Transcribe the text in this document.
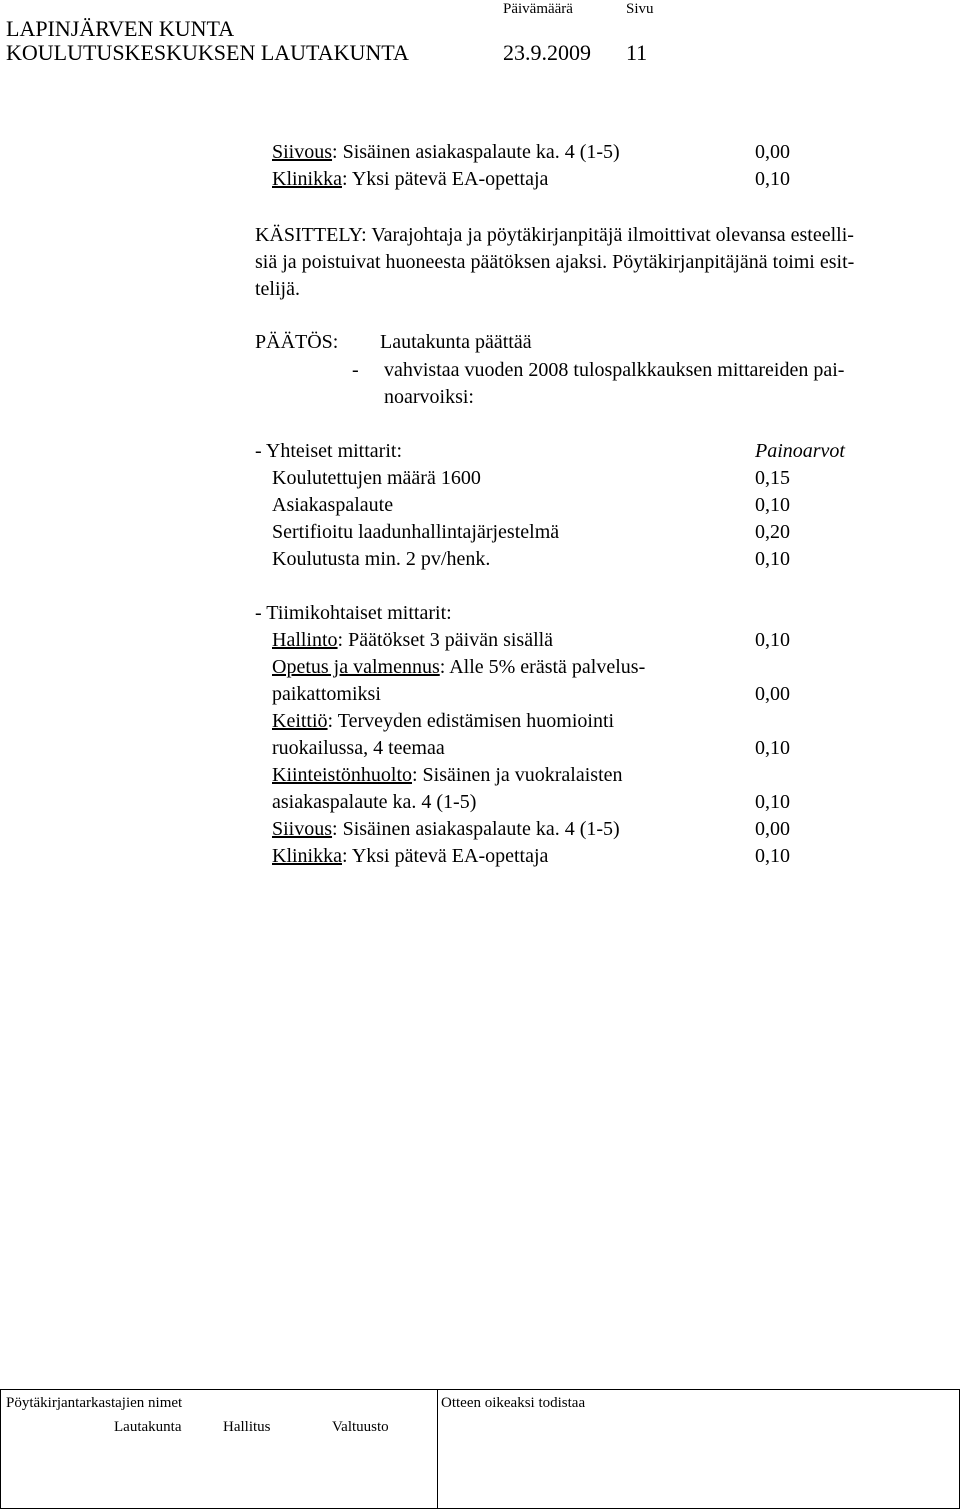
LAPINJÄRVEN KUNTA
KOULUTUSKESKUKSEN LAUTAKUNTA
Päivämäärä	Sivu
23.9.2009 11
Siivous: Sisäinen asiakaspalaute ka. 4 (1-5)	0,00
Klinikka: Yksi pätevä EA-opettaja	0,10
KÄSITTELY: Varajohtaja ja pöytäkirjanpitäjä ilmoittivat olevansa esteelli-
siä ja poistuivat huoneesta päätöksen ajaksi. Pöytäkirjanpitäjänä toimi esit-
telijä.
PÄÄTÖS: Lautakunta päättää
- vahvistaa vuoden 2008 tulospalkkauksen mittareiden pai-
noarvoiksi:
- Yhteiset mittarit:	Painoarvot
Koulutettujen määrä 1600	0,15
Asiakaspalaute	0,10
Sertifioitu laadunhallintajärjestelmä	0,20
Koulutusta min. 2 pv/henk.	0,10
- Tiimikohtaiset mittarit:
Hallinto: Päätökset 3 päivän sisällä	0,10
Opetus ja valmennus: Alle 5% erästä palvelus-
paikattomiksi	0,00
Keittiö: Terveyden edistämisen huomiointi
ruokailussa, 4 teemaa	0,10
Kiinteistönhuolto: Sisäinen ja vuokralaisten
asiakaspalaute ka. 4 (1-5)	0,10
Siivous: Sisäinen asiakaspalaute ka. 4 (1-5)	0,00
Klinikka: Yksi pätevä EA-opettaja	0,10
Pöytäkirjantarkastajien nimet	Otteen oikeaksi todistaa
Lautakunta	Hallitus	Valtuusto
